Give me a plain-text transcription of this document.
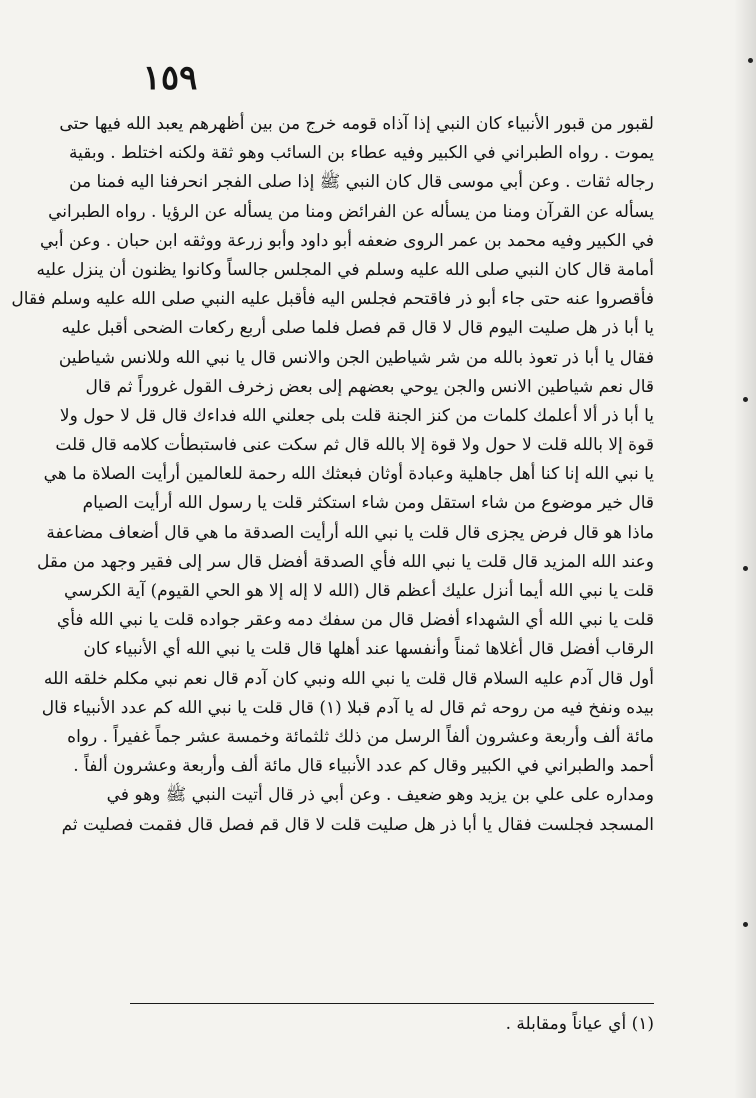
١٥٩
لقبور من قبور الأنبياء كان النبي إذا آذاه قومه خرج من بين أظهرهم يعبد الله فيها حتى
يموت . رواه الطبراني في الكبير وفيه عطاء بن السائب وهو ثقة ولكنه اختلط . وبقية
رجاله ثقات . وعن أبي موسى قال كان النبي ﷺ إذا صلى الفجر انحرفنا اليه فمنا من
يسأله عن القرآن ومنا من يسأله عن الفرائض ومنا من يسأله عن الرؤيا . رواه الطبراني
في الكبير وفيه محمد بن عمر الروى ضعفه أبو داود وأبو زرعة ووثقه ابن حبان . وعن أبي
أمامة قال كان النبي صلى الله عليه وسلم في المجلس جالساً وكانوا يظنون أن ينزل عليه
فأقصروا عنه حتى جاء أبو ذر فاقتحم فجلس اليه فأقبل عليه النبي صلى الله عليه وسلم فقال
يا أبا ذر هل صليت اليوم قال لا قال قم فصل فلما صلى أربع ركعات الضحى أقبل عليه
فقال يا أبا ذر تعوذ بالله من شر شياطين الجن والانس قال يا نبي الله وللانس شياطين
قال نعم شياطين الانس والجن يوحي بعضهم إلى بعض زخرف القول غروراً ثم قال
يا أبا ذر ألا أعلمك كلمات من كنز الجنة قلت بلى جعلني الله فداءك قال قل لا حول ولا
قوة إلا بالله قلت لا حول ولا قوة إلا بالله قال ثم سكت عنى فاستبطأت كلامه قال قلت
يا نبي الله إنا كنا أهل جاهلية وعبادة أوثان فبعثك الله رحمة للعالمين أرأيت الصلاة ما هي
قال خير موضوع من شاء استقل ومن شاء استكثر قلت يا رسول الله أرأيت الصيام
ماذا هو قال فرض يجزى قال قلت يا نبي الله أرأيت الصدقة ما هي قال أضعاف مضاعفة
وعند الله المزيد قال قلت يا نبي الله فأي الصدقة أفضل قال سر إلى فقير وجهد من مقل
قلت يا نبي الله أيما أنزل عليك أعظم قال (الله لا إله إلا هو الحي القيوم) آية الكرسي
قلت يا نبي الله أي الشهداء أفضل قال من سفك دمه وعقر جواده قلت يا نبي الله فأي
الرقاب أفضل قال أغلاها ثمناً وأنفسها عند أهلها قال قلت يا نبي الله أي الأنبياء كان
أول قال آدم عليه السلام قال قلت يا نبي الله ونبي كان آدم قال نعم نبي مكلم خلقه الله
بيده ونفخ فيه من روحه ثم قال له يا آدم قبلا (١) قال قلت يا نبي الله كم عدد الأنبياء قال
مائة ألف وأربعة وعشرون ألفاً الرسل من ذلك ثلثمائة وخمسة عشر جماً غفيراً . رواه
أحمد والطبراني في الكبير وقال كم عدد الأنبياء قال مائة ألف وأربعة وعشرون ألفاً .
ومداره على علي بن يزيد وهو ضعيف . وعن أبي ذر قال أتيت النبي ﷺ وهو في
المسجد فجلست فقال يا أبا ذر هل صليت قلت لا قال قم فصل قال فقمت فصليت ثم
(١) أي عياناً ومقابلة .
